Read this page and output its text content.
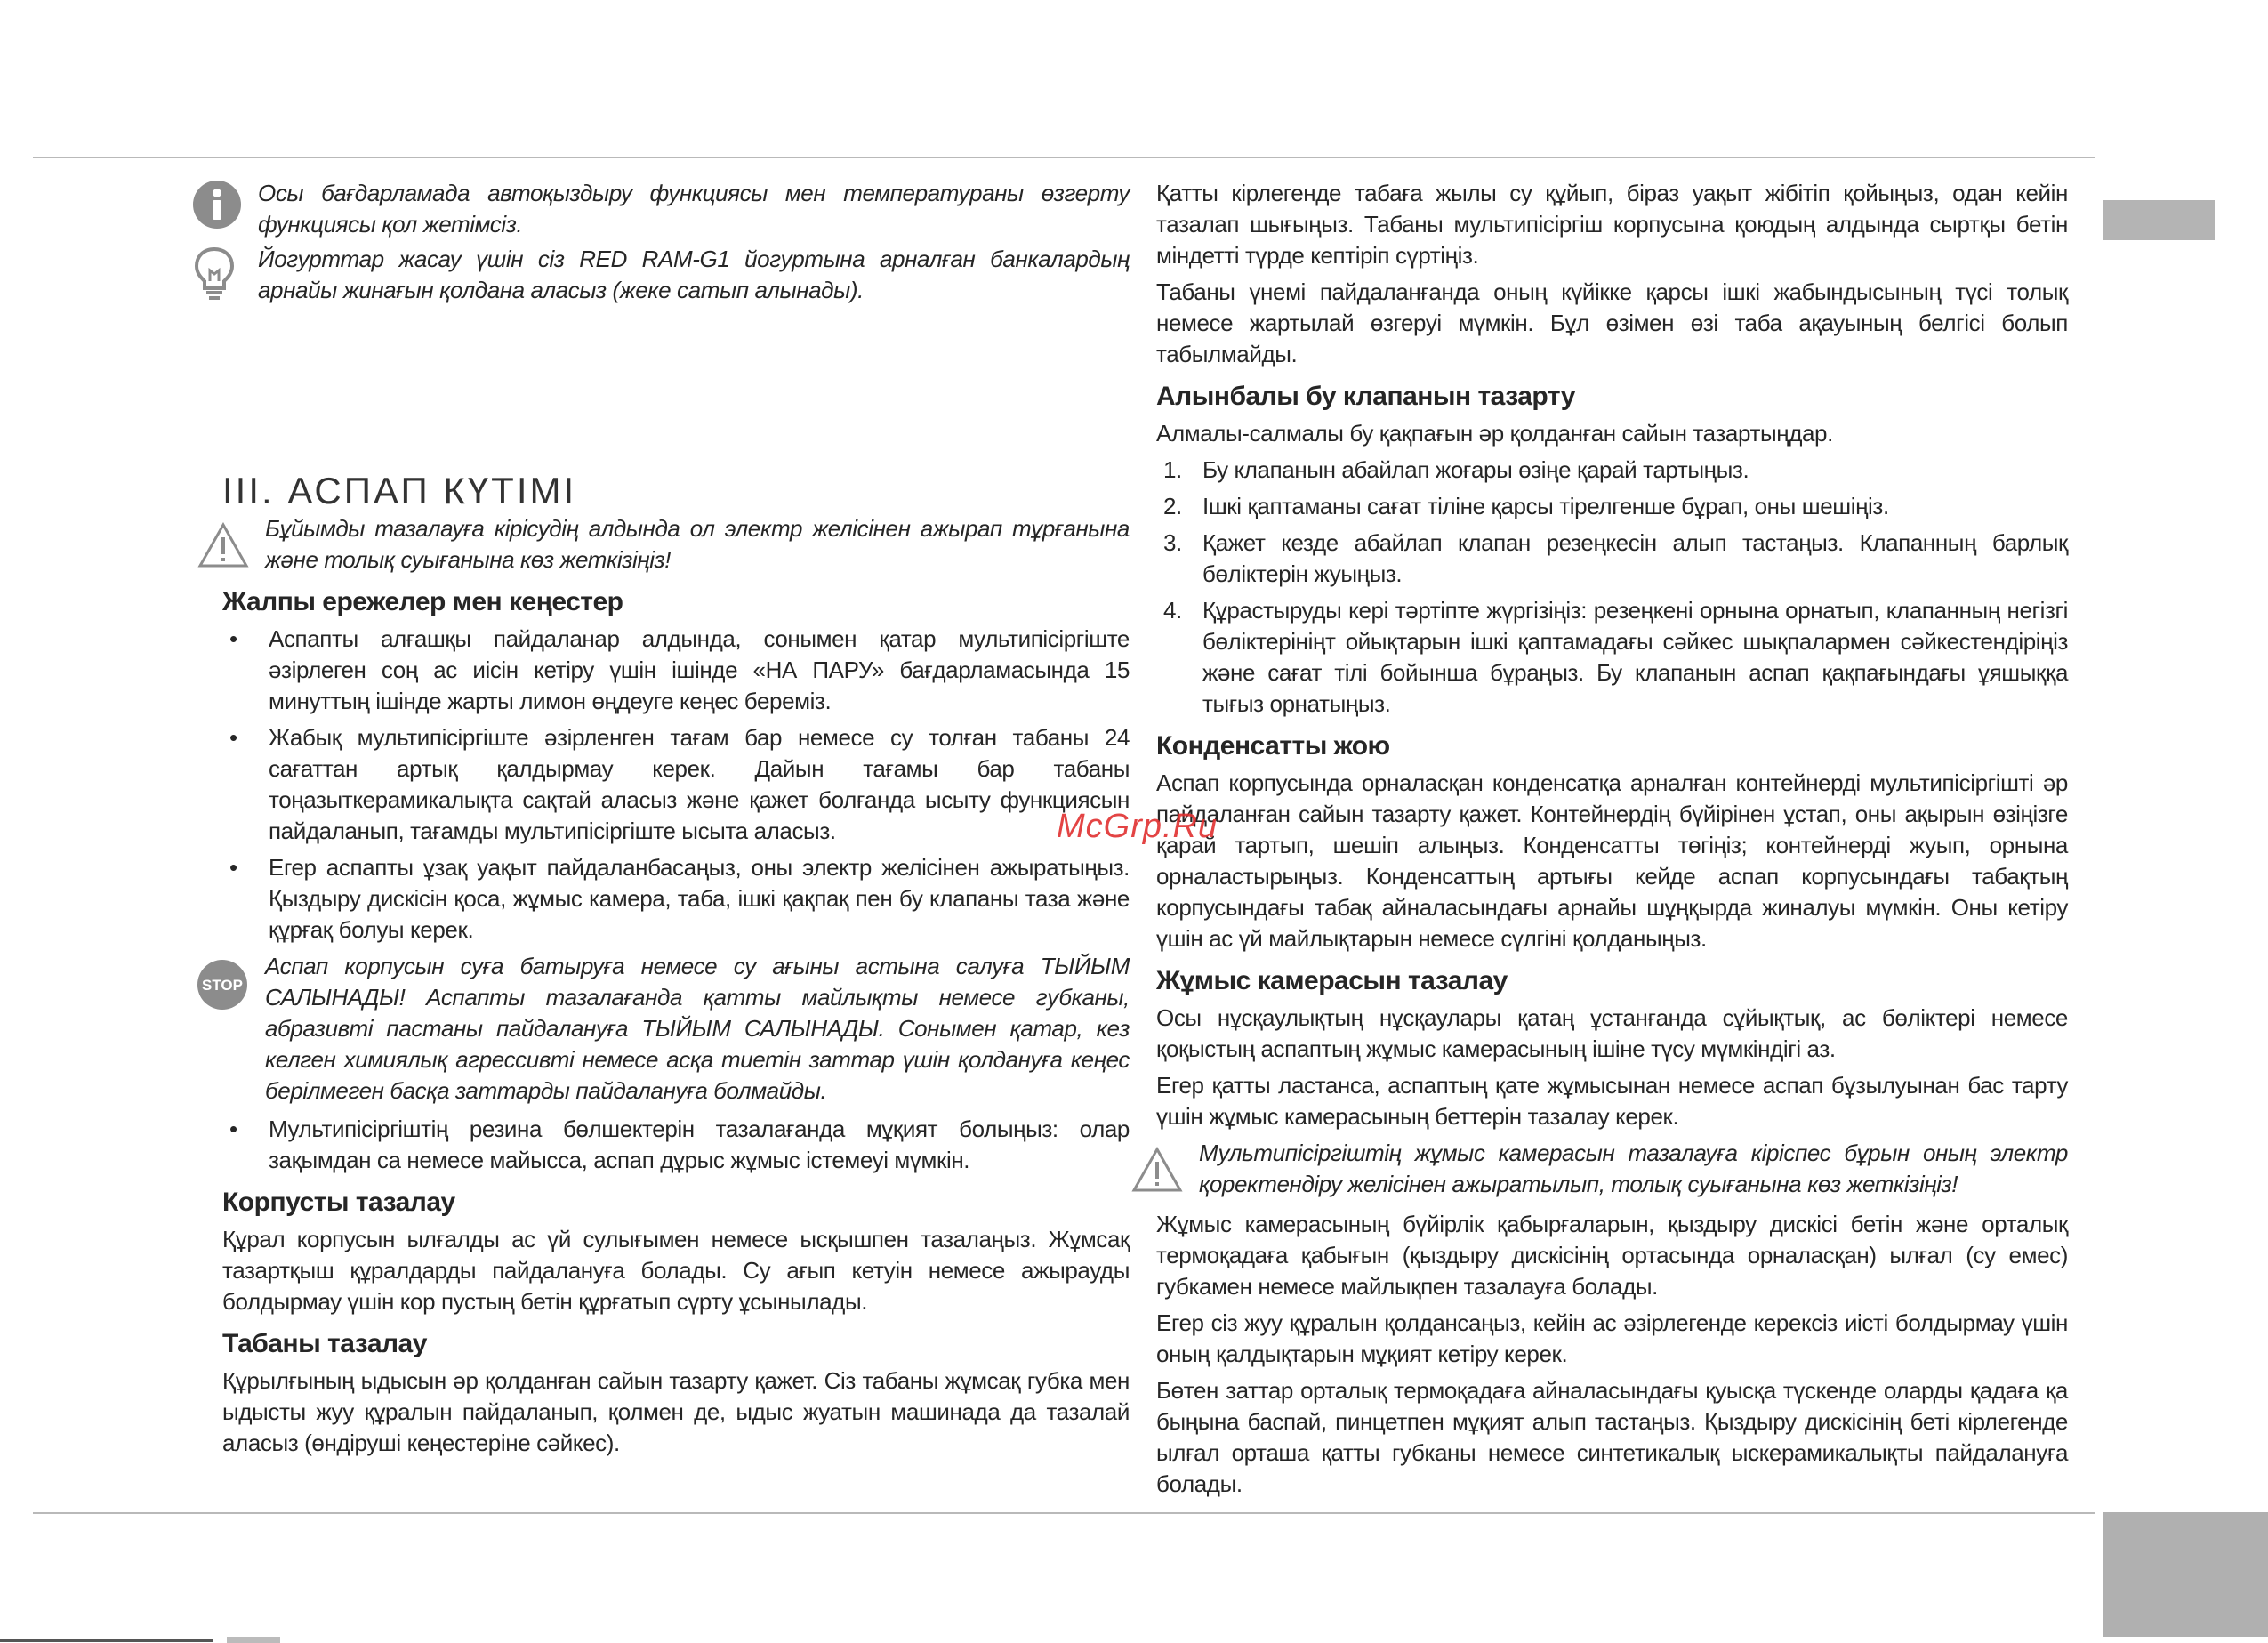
Осы бағдарламада автоқыздыру функциясы мен температураны өзгерту функциясы қол жетімсіз.

Йогурттар жасау үшін сіз RED RAM-G1 йогуртына арналған банкалардың арнайы жинағын қолдана аласыз (жеке сатып алынады).

III. АСПАП КҮТІМІ

Бұйымды тазалауға кірісудің алдында ол электр желісінен ажырап тұрғанына және толық суығанына көз жеткізіңіз!

Жалпы ережелер мен кеңестер
• Аспапты алғашқы пайдаланар алдында, сонымен қатар мультипісіргіште әзірлеген соң ас иісін кетіру үшін ішінде «НА ПАРУ» бағдарламасында 15 минуттың ішінде жарты лимон өңдеуге кеңес береміз.
• Жабық мультипісіргіште әзірленген тағам бар немесе су толған табаны 24 сағаттан артық қалдырмау керек. Дайын тағамы бар табаны тоңазыткерамикалықта сақтай аласыз және қажет болғанда ысыту функциясын пайдаланып, тағамды мультипісіргіште ысыта аласыз.
• Егер аспапты ұзақ уақыт пайдаланбасаңыз, оны электр желісінен ажыратыңыз. Қыздыру дискісін қоса, жұмыс камера, таба, ішкі қақпақ пен бу клапаны таза және құрғақ болуы керек.
STOP

Аспап корпусын суға батыруға немесе су ағыны астына салуға ТЫЙЫМ САЛЫНАДЫ! Аспапты тазалағанда қатты майлықты немесе губканы, абразивті пастаны пайдалануға ТЫЙЫМ САЛЫНАДЫ. Сонымен қатар, кез келген химиялық агрессивті немесе асқа тиетін заттар үшін қолдануға кеңес берілмеген басқа заттарды пайдалануға болмайды.

• Мультипісіргіштің резина бөлшектерін тазалағанда мұқият болыңыз: олар зақымдан са немесе майысса, аспап дұрыс жұмыс істемеуі мүмкін.
Корпусты тазалау

Құрал корпусын ылғалды ас үй сулығымен немесе ысқышпен тазалаңыз. Жұмсақ тазартқыш құралдарды пайдалануға болады. Су ағып кетуін немесе ажырауды болдырмау үшін кор пустың бетін құрғатып сүрту ұсынылады.

Табаны тазалау

Құрылғының ыдысын әр қолданған сайын тазарту қажет. Сіз табаны жұмсақ губка мен ыдысты жуу құралын пайдаланып, қолмен де, ыдыс жуатын машинада да тазалай аласыз (өндіруші кеңестеріне сәйкес).

Қатты кірлегенде табаға жылы су құйып, біраз уақыт жібітіп қойыңыз, одан кейін тазалап шығыңыз. Табаны мультипісіргіш корпусына қоюдың алдында сыртқы бетін міндетті түрде кептіріп сүртіңіз.

Табаны үнемі пайдаланғанда оның күйікке қарсы ішкі жабындысының түсі толық немесе жартылай өзгеруі мүмкін. Бұл өзімен өзі таба ақауының белгісі болып табылмайды.

Алынбалы бу клапанын тазарту

Алмалы-салмалы бу қақпағын әр қолданған сайын тазартыңдар.

1. Бу клапанын абайлап жоғары өзіңе қарай тартыңыз.
2. Ішкі қаптаманы сағат тіліне қарсы тірелгенше бұрап, оны шешіңіз.
3. Қажет кезде абайлап клапан резеңкесін алып тастаңыз. Клапанның барлық бөліктерін жуыңыз.
4. Құрастыруды кері тәртіпте жүргізіңіз: резеңкені орнына орнатып, клапанның негізгі бөліктерініңт ойықтарын ішкі қаптамадағы сәйкес шықпалармен сәйкестендіріңіз және сағат тілі бойынша бұраңыз. Бу клапанын аспап қақпағындағы ұяшыққа тығыз орнатыңыз.
Конденсатты жою

Аспап корпусында орналасқан конденсатқа арналған контейнерді мультипісіргішті әр пайдаланған сайын тазарту қажет. Контейнердің бүйірінен ұстап, оны ақырын өзіңізге қарай тартып, шешіп алыңыз. Конденсатты төгіңіз; контейнерді жуып, орнына орналастырыңыз. Конденсаттың артығы кейде аспап корпусындағы табақтың корпусындағы табақ айналасындағы арнайы шұңқырда жиналуы мүмкін. Оны кетіру үшін ас үй майлықтарын немесе сүлгіні қолданыңыз.

Жұмыс камерасын тазалау

Осы нұсқаулықтың нұсқаулары қатаң ұстанғанда сұйықтық, ас бөліктері немесе қоқыстың аспаптың жұмыс камерасының ішіне түсу мүмкіндігі аз.

Егер қатты ластанса, аспаптың қате жұмысынан немесе аспап бұзылуынан бас тарту үшін жұмыс камерасының беттерін тазалау керек.

Мультипісіргіштің жұмыс камерасын тазалауға кіріспес бұрын оның электр қоректендіру желісінен ажыратылып, толық суығанына көз жеткізіңіз!

Жұмыс камерасының бүйірлік қабырғаларын, қыздыру дискісі бетін және орталық термоқадаға қабығын (қыздыру дискісінің ортасында орналасқан) ылғал (су емес) губкамен немесе майлықпен тазалауға болады.

Егер сіз жуу құралын қолдансаңыз, кейін ас әзірлегенде керексіз иісті болдырмау үшін оның қалдықтарын мұқият кетіру керек.

Бөтен заттар орталық термоқадаға айналасындағы қуысқа түскенде оларды қадаға қа быңына баспай, пинцетпен мұқият алып тастаңыз. Қыздыру дискісінің беті кірлегенде ылғал орташа қатты губканы немесе синтетикалық ыскерамикалықты пайдалануға болады.

McGrp.Ru
